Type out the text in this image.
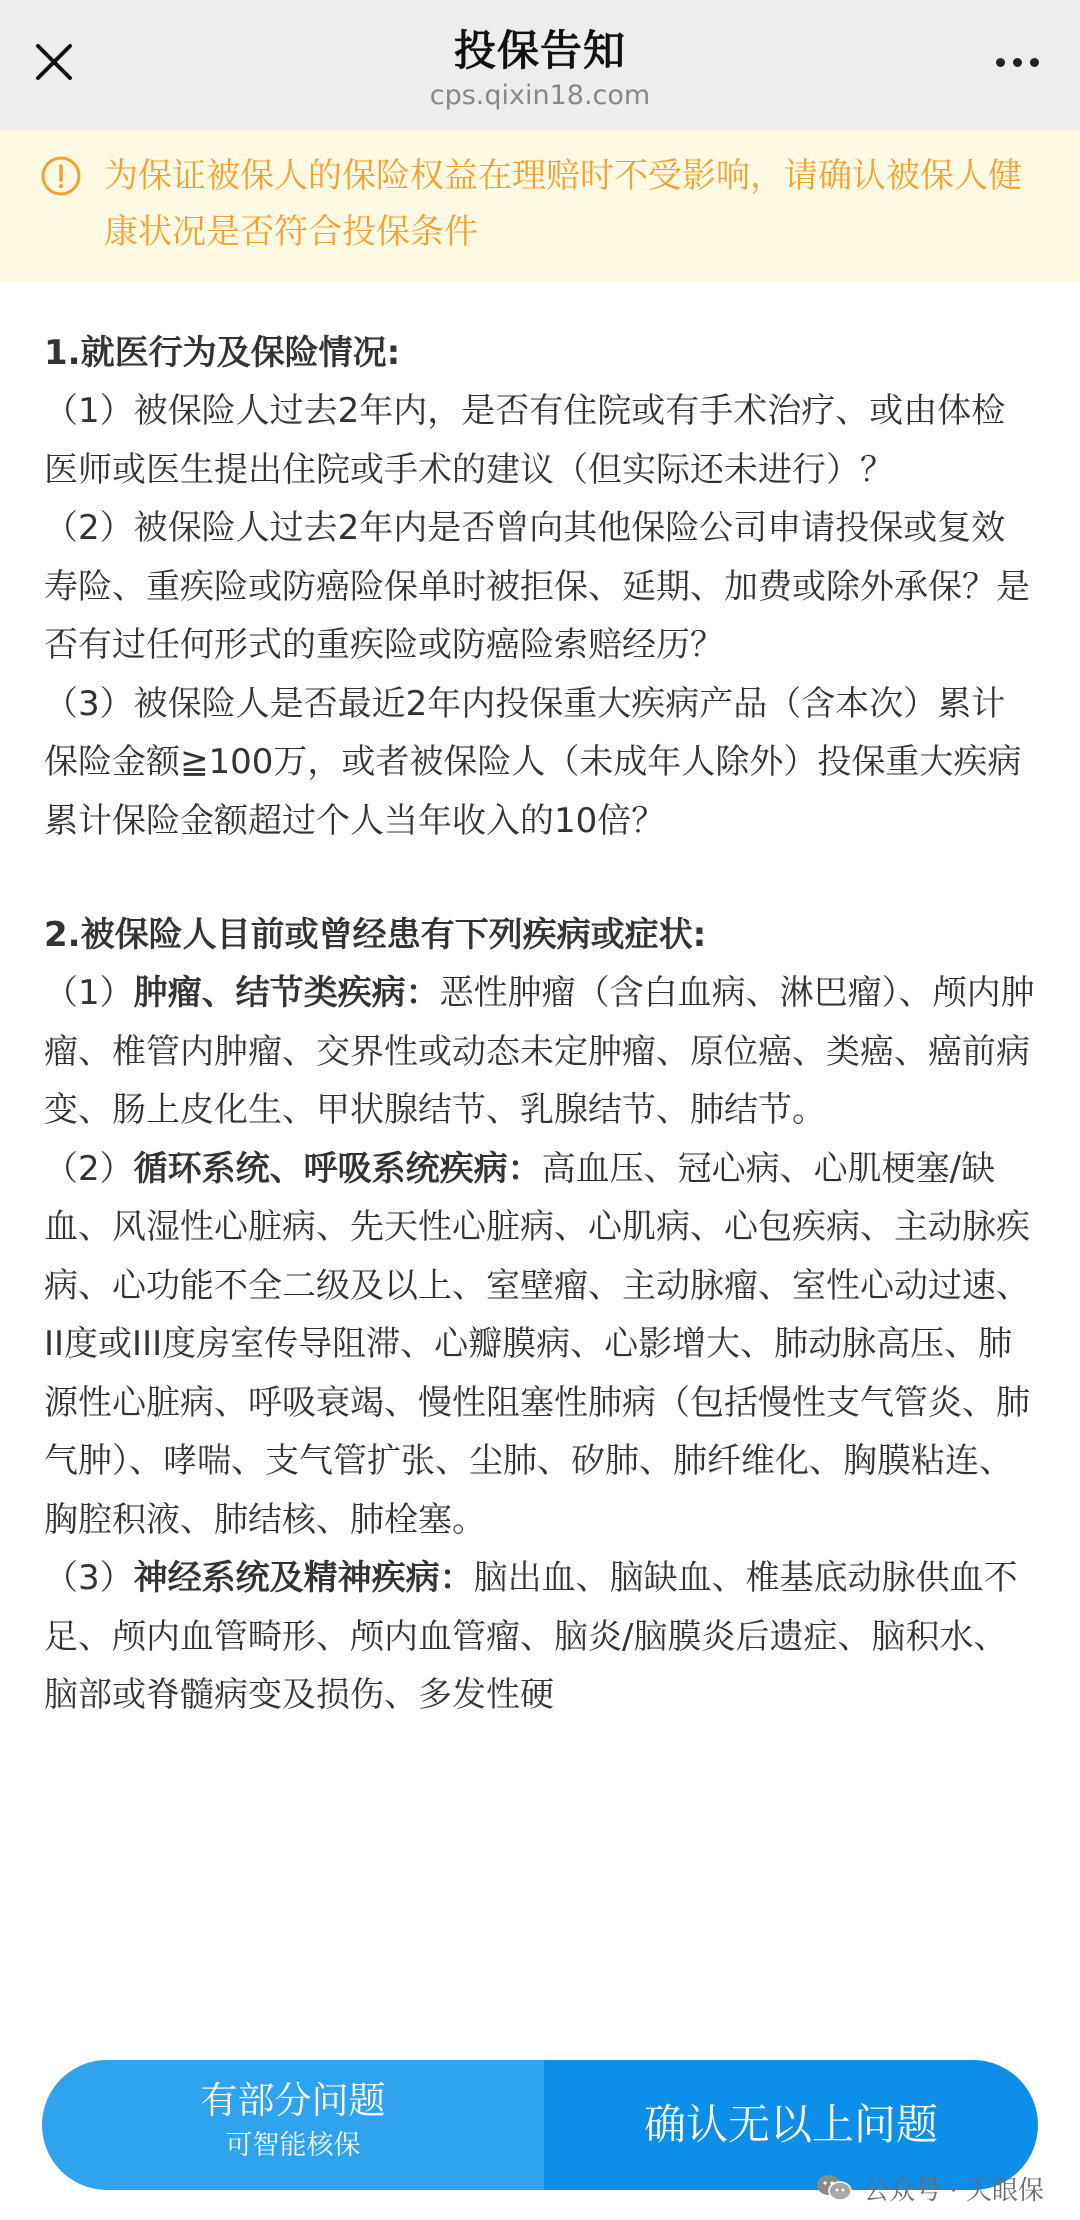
投保告知
cps.qixin18.com
为保证被保人的保险权益在理赔时不受影响，请确认被保人健康状况是否符合投保条件
1.就医行为及保险情况:
（1）被保险人过去2年内，是否有住院或有手术治疗、或由体检医师或医生提出住院或手术的建议（但实际还未进行）？
（2）被保险人过去2年内是否曾向其他保险公司申请投保或复效寿险、重疾险或防癌险保单时被拒保、延期、加费或除外承保？是否有过任何形式的重疾险或防癌险索赔经历？
（3）被保险人是否最近2年内投保重大疾病产品（含本次）累计保险金额≧100万，或者被保险人（未成年人除外）投保重大疾病累计保险金额超过个人当年收入的10倍？
2.被保险人目前或曾经患有下列疾病或症状:
（1）肿瘤、结节类疾病：恶性肿瘤（含白血病、淋巴瘤）、颅内肿瘤、椎管内肿瘤、交界性或动态未定肿瘤、原位癌、类癌、癌前病变、肠上皮化生、甲状腺结节、乳腺结节、肺结节。
（2）循环系统、呼吸系统疾病：高血压、冠心病、心肌梗塞/缺血、风湿性心脏病、先天性心脏病、心肌病、心包疾病、主动脉疾病、心功能不全二级及以上、室壁瘤、主动脉瘤、室性心动过速、II度或III度房室传导阻滞、心瓣膜病、心影增大、肺动脉高压、肺源性心脏病、呼吸衰竭、慢性阻塞性肺病（包括慢性支气管炎、肺气肿）、哮喘、支气管扩张、尘肺、矽肺、肺纤维化、胸膜粘连、胸腔积液、肺结核、肺栓塞。
（3）神经系统及精神疾病：脑出血、脑缺血、椎基底动脉供血不足、颅内血管畸形、颅内血管瘤、脑炎/脑膜炎后遗症、脑积水、脑部或脊髓病变及损伤、多发性硬
有部分问题
可智能核保	确认无以上问题
公众号 · 天眼保
